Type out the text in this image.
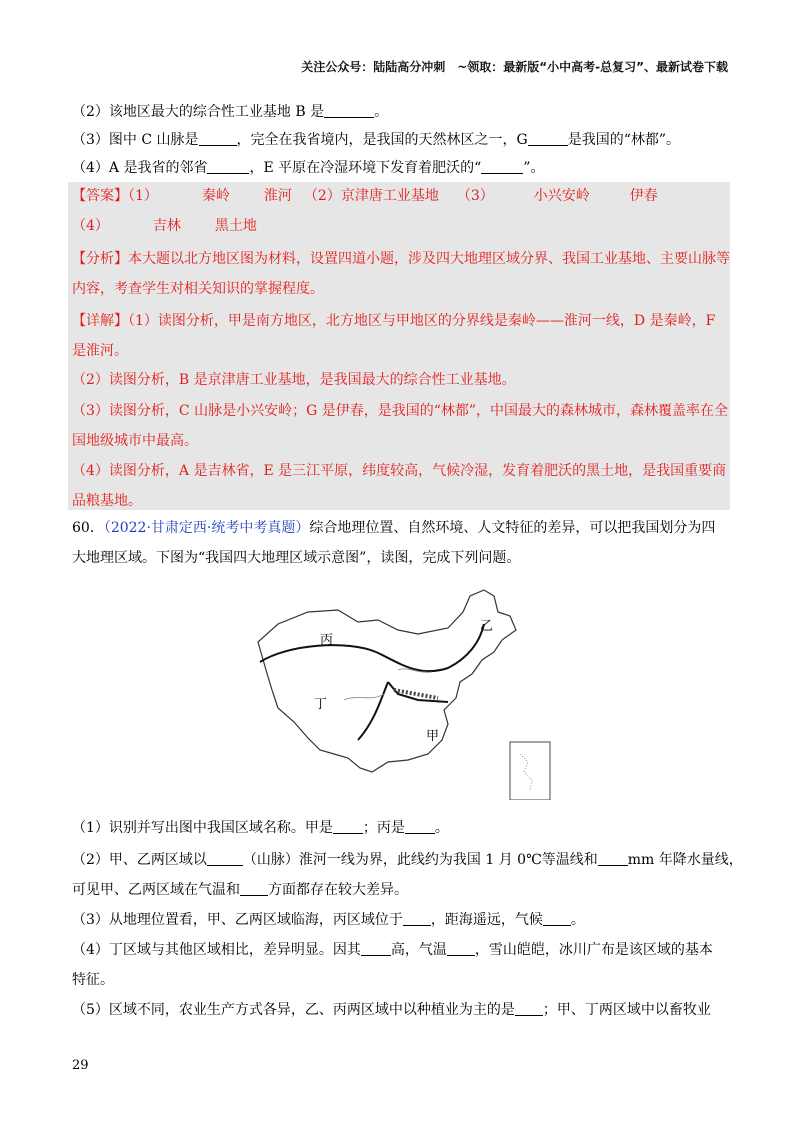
关注公众号：陆陆高分冲刺　~领取：最新版“小中高考-总复习”、最新试卷下载
（2）该地区最大的综合性工业基地 B 是	。
（3）图中 C 山脉是	，完全在我省境内，是我国的天然林区之一，G	是我国的“林都”。
（4）A 是我省的邻省	，E 平原在冷湿环境下发育着肥沃的“	”。
【答案】（1）	秦岭 淮河 （2）京津唐工业基地 （3）	小兴安岭	伊春
（4）	吉林 黑土地
【分析】本大题以北方地区图为材料，设置四道小题，涉及四大地理区域分界、我国工业基地、主要山脉等内容，考查学生对相关知识的掌握程度。
【详解】（1）读图分析，甲是南方地区，北方地区与甲地区的分界线是秦岭——淮河一线，D 是秦岭，F 是淮河。
（2）读图分析，B 是京津唐工业基地，是我国最大的综合性工业基地。
（3）读图分析，C 山脉是小兴安岭；G 是伊春，是我国的“林都”，中国最大的森林城市，森林覆盖率在全国地级城市中最高。
（4）读图分析，A 是吉林省，E 是三江平原，纬度较高，气候冷湿，发育着肥沃的黑土地，是我国重要商品粮基地。
60．（2022·甘肃定西·统考中考真题）综合地理位置、自然环境、人文特征的差异，可以把我国划分为四
大地理区域。下图为“我国四大地理区域示意图”，读图，完成下列问题。
丙
乙
丁
甲
（1）识别并写出图中我国区域名称。甲是 ；丙是 。
（2）甲、乙两区域以	（山脉）淮河一线为界，此线约为我国 1 月 0℃等温线和 mm 年降水量线，
可见甲、乙两区域在气温和 方面都存在较大差异。
（3）从地理位置看，甲、乙两区域临海，丙区域位于 ，距海遥远，气候 。
（4）丁区域与其他区域相比，差异明显。因其 高，气温 ，雪山皑皑，冰川广布是该区域的基本
特征。
（5）区域不同，农业生产方式各异，乙、丙两区域中以种植业为主的是 ；甲、丁两区域中以畜牧业
29
